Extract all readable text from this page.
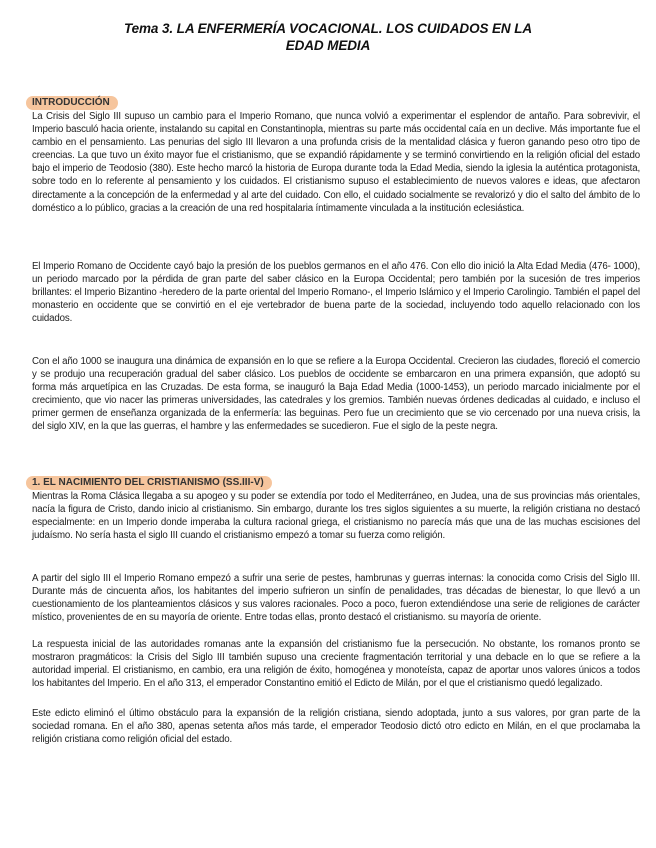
Tema 3. LA ENFERMERÍA VOCACIONAL. LOS CUIDADOS EN LA
EDAD MEDIA
INTRODUCCIÓN
La Crisis del Siglo III supuso un cambio para el Imperio Romano, que nunca volvió a experimentar el esplendor de antaño. Para sobrevivir, el Imperio basculó hacia oriente, instalando su capital en Constantinopla, mientras su parte más occidental caía en un declive. Más importante fue el cambio en el pensamiento. Las penurias del siglo III llevaron a una profunda crisis de la mentalidad clásica y fueron ganando peso otro tipo de creencias. La que tuvo un éxito mayor fue el cristianismo, que se expandió rápidamente y se terminó convirtiendo en la religión oficial del estado bajo el imperio de Teodosio (380). Este hecho marcó la historia de Europa durante toda la Edad Media, siendo la iglesia la auténtica protagonista, sobre todo en lo referente al pensamiento y los cuidados. El cristianismo supuso el establecimiento de nuevos valores e ideas, que afectaron directamente a la concepción de la enfermedad y al arte del cuidado. Con ello, el cuidado socialmente se revalorizó y dio el salto del ámbito de lo doméstico a lo público, gracias a la creación de una red hospitalaria íntimamente vinculada a la institución eclesiástica.
El Imperio Romano de Occidente cayó bajo la presión de los pueblos germanos en el año 476. Con ello dio inició la Alta Edad Media (476- 1000), un periodo marcado por la pérdida de gran parte del saber clásico en la Europa Occidental; pero también por la sucesión de tres imperios brillantes: el Imperio Bizantino -heredero de la parte oriental del Imperio Romano-, el Imperio Islámico y el Imperio Carolingio. También el papel del monasterio en occidente que se convirtió en el eje vertebrador de buena parte de la sociedad, incluyendo todo aquello relacionado con los cuidados.
Con el año 1000 se inaugura una dinámica de expansión en lo que se refiere a la Europa Occidental. Crecieron las ciudades, floreció el comercio y se produjo una recuperación gradual del saber clásico. Los pueblos de occidente se embarcaron en una primera expansión, que adoptó su forma más arquetípica en las Cruzadas. De esta forma, se inauguró la Baja Edad Media (1000-1453), un periodo marcado inicialmente por el crecimiento, que vio nacer las primeras universidades, las catedrales y los gremios. También nuevas órdenes dedicadas al cuidado, e incluso el primer germen de enseñanza organizada de la enfermería: las beguinas. Pero fue un crecimiento que se vio cercenado por una nueva crisis, la del siglo XIV, en la que las guerras, el hambre y las enfermedades se sucedieron. Fue el siglo de la peste negra.
1. EL NACIMIENTO DEL CRISTIANISMO (SS.III-V)
Mientras la Roma Clásica llegaba a su apogeo y su poder se extendía por todo el Mediterráneo, en Judea, una de sus provincias más orientales, nacía la figura de Cristo, dando inicio al cristianismo. Sin embargo, durante los tres siglos siguientes a su muerte, la religión cristiana no destacó especialmente: en un Imperio donde imperaba la cultura racional griega, el cristianismo no parecía más que una de las muchas escisiones del judaísmo. No sería hasta el siglo III cuando el cristianismo empezó a tomar su fuerza como religión.
A partir del siglo III el Imperio Romano empezó a sufrir una serie de pestes, hambrunas y guerras internas: la conocida como Crisis del Siglo III. Durante más de cincuenta años, los habitantes del imperio sufrieron un sinfín de penalidades, tras décadas de bienestar, lo que llevó a un cuestionamiento de los planteamientos clásicos y sus valores racionales. Poco a poco, fueron extendiéndose una serie de religiones de carácter místico, provenientes de en su mayoría de oriente. Entre todas ellas, pronto destacó el cristianismo. su mayoría de oriente.
La respuesta inicial de las autoridades romanas ante la expansión del cristianismo fue la persecución. No obstante, los romanos pronto se mostraron pragmáticos: la Crisis del Siglo III también supuso una creciente fragmentación territorial y una debacle en lo que se refiere a la autoridad imperial. El cristianismo, en cambio, era una religión de éxito, homogénea y monoteísta, capaz de aportar unos valores únicos a todos los habitantes del Imperio. En el año 313, el emperador Constantino emitió el Edicto de Milán, por el que el cristianismo quedó legalizado.
Este edicto eliminó el último obstáculo para la expansión de la religión cristiana, siendo adoptada, junto a sus valores, por gran parte de la sociedad romana. En el año 380, apenas setenta años más tarde, el emperador Teodosio dictó otro edicto en Milán, en el que proclamaba la religión cristiana como religión oficial del estado.
